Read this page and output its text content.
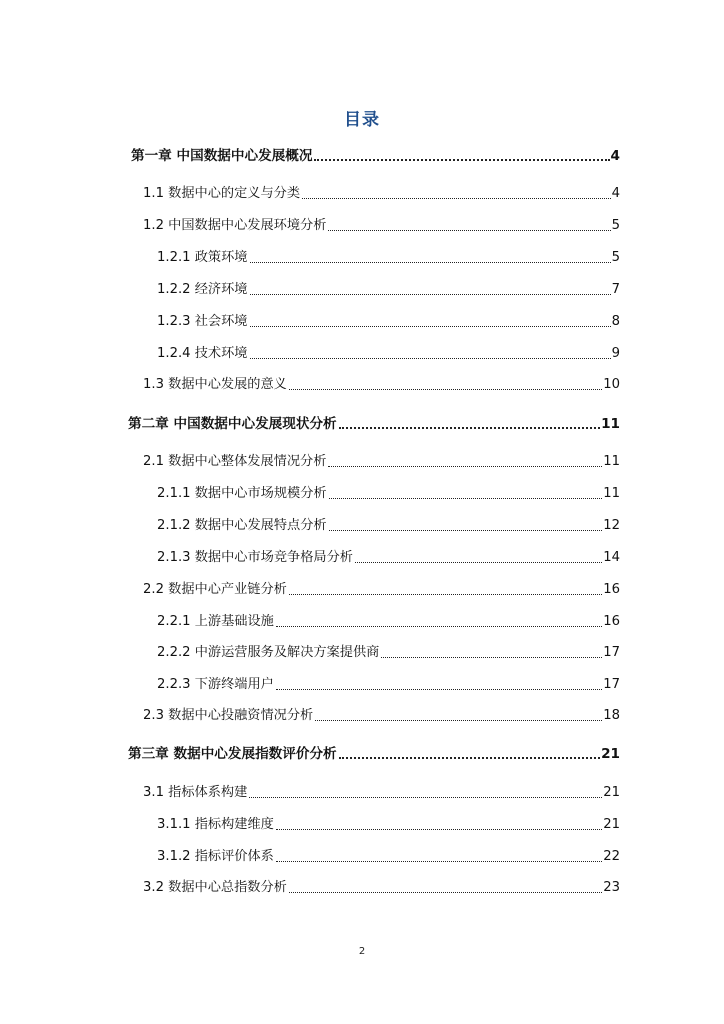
目录
第一章 中国数据中心发展概况	4
1.1 数据中心的定义与分类	4
1.2 中国数据中心发展环境分析	5
1.2.1 政策环境	5
1.2.2 经济环境	7
1.2.3 社会环境	8
1.2.4 技术环境	9
1.3 数据中心发展的意义	10
第二章 中国数据中心发展现状分析	11
2.1 数据中心整体发展情况分析	11
2.1.1 数据中心市场规模分析	11
2.1.2 数据中心发展特点分析	12
2.1.3 数据中心市场竞争格局分析	14
2.2 数据中心产业链分析	16
2.2.1 上游基础设施	16
2.2.2 中游运营服务及解决方案提供商	17
2.2.3 下游终端用户	17
2.3 数据中心投融资情况分析	18
第三章 数据中心发展指数评价分析	21
3.1 指标体系构建	21
3.1.1 指标构建维度	21
3.1.2 指标评价体系	22
3.2 数据中心总指数分析	23
2
